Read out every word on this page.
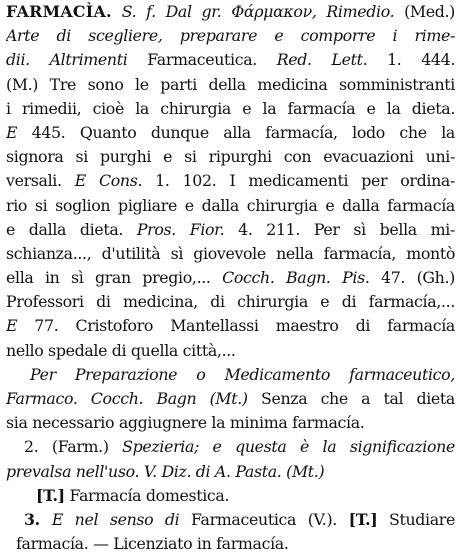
FARMACÌA. S. f. Dal gr. Φάρμακον, Rimedio. (Med.)
Arte di scegliere, preparare e comporre i rime-
dii. Altrimenti Farmaceutica. Red. Lett. 1. 444.
(M.) Tre sono le parti della medicina somministranti
i rimedii, cioè la chirurgia e la farmacía e la dieta.
E 445. Quanto dunque alla farmacía, lodo che la
signora si purghi e si ripurghi con evacuazioni uni-
versali. E Cons. 1. 102. I medicamenti per ordina-
rio si soglion pigliare e dalla chirurgia e dalla farmacía
e dalla dieta. Pros. Fior. 4. 211. Per sì bella mi-
schianza..., d'utilità sì giovevole nella farmacía, montò
ella in sì gran pregio,... Cocch. Bagn. Pis. 47. (Gh.)
Professori di medicina, di chirurgia e di farmacía,...
E 77. Cristoforo Mantellassi maestro di farmacía
nello spedale di quella città,...
Per Preparazione o Medicamento farmaceutico,
Farmaco. Cocch. Bagn (Mt.) Senza che a tal dieta
sia necessario aggiugnere la minima farmacía.
2. (Farm.) Spezieria; e questa è la significazione
prevalsa nell'uso. V. Diz. di A. Pasta. (Mt.)
[T.] Farmacía domestica.
3. E nel senso di Farmaceutica (V.). [T.] Studiare
farmacía. — Licenziato in farmacía.
